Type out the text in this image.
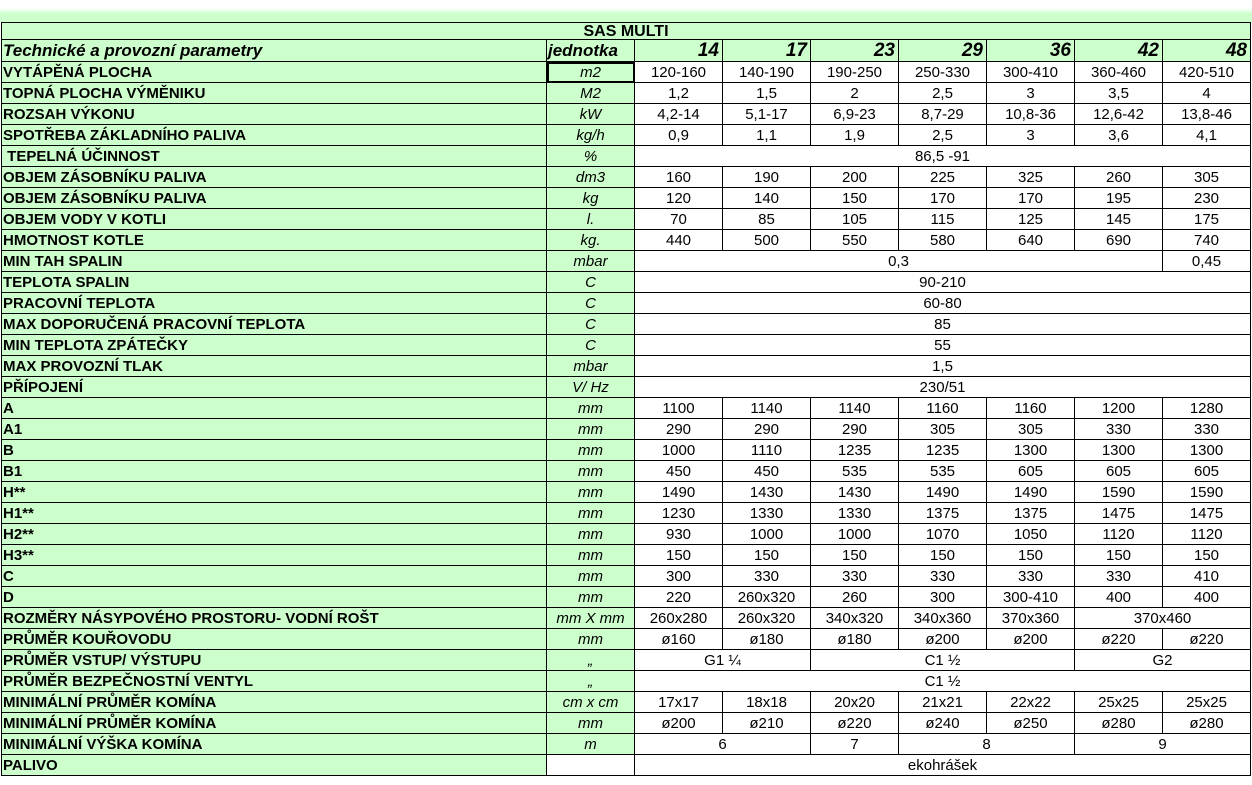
SAS MULTI								
Technické a provozní parametry	jednotka	14	17	23	29	36	42	48
VYTÁPĚNÁ PLOCHA	m2	120-160	140-190	190-250	250-330	300-410	360-460	420-510
TOPNÁ PLOCHA VÝMĚNIKU	M2	1,2	1,5	2	2,5	3	3,5	4
ROZSAH VÝKONU	kW	4,2-14	5,1-17	6,9-23	8,7-29	10,8-36	12,6-42	13,8-46
SPOTŘEBA ZÁKLADNÍHO PALIVA	kg/h	0,9	1,1	1,9	2,5	3	3,6	4,1
TEPELNÁ ÚČINNOST	%	86,5 -91						
OBJEM ZÁSOBNÍKU PALIVA	dm3	160	190	200	225	325	260	305
OBJEM ZÁSOBNÍKU PALIVA	kg	120	140	150	170	170	195	230
OBJEM VODY V KOTLI	l.	70	85	105	115	125	145	175
HMOTNOST KOTLE	kg.	440	500	550	580	640	690	740
MIN TAH SPALIN	mbar	0,3						0,45
TEPLOTA SPALIN	C	90-210						
PRACOVNÍ TEPLOTA	C	60-80						
MAX DOPORUČENÁ PRACOVNÍ TEPLOTA	C	85						
MIN TEPLOTA ZPÁTEČKY	C	55						
MAX PROVOZNÍ TLAK	mbar	1,5						
PŘÍPOJENÍ	V/ Hz	230/51						
A	mm	1100	1140	1140	1160	1160	1200	1280
A1	mm	290	290	290	305	305	330	330
B	mm	1000	1110	1235	1235	1300	1300	1300
B1	mm	450	450	535	535	605	605	605
H**	mm	1490	1430	1430	1490	1490	1590	1590
H1**	mm	1230	1330	1330	1375	1375	1475	1475
H2**	mm	930	1000	1000	1070	1050	1120	1120
H3**	mm	150	150	150	150	150	150	150
C	mm	300	330	330	330	330	330	410
D	mm	220	260x320	260	300	300-410	400	400
ROZMĚRY NÁSYPOVÉHO PROSTORU- VODNÍ ROŠT	mm X mm	260x280	260x320	340x320	340x360	370x360	370x460	
PRŮMĚR KOUŘOVODU	mm	ø160	ø180	ø180	ø200	ø200	ø220	ø220
PRŮMĚR VSTUP/ VÝSTUPU	„	G1 ¼		C1 ½			G2	
PRŮMĚR BEZPEČNOSTNÍ VENTYL	„	C1 ½						
MINIMÁLNÍ PRŮMĚR KOMÍNA	cm x cm	17x17	18x18	20x20	21x21	22x22	25x25	25x25
MINIMÁLNÍ PRŮMĚR KOMÍNA	mm	ø200	ø210	ø220	ø240	ø250	ø280	ø280
MINIMÁLNÍ VÝŠKA KOMÍNA	m	6		7	8		9	
PALIVO		ekohrášek						
